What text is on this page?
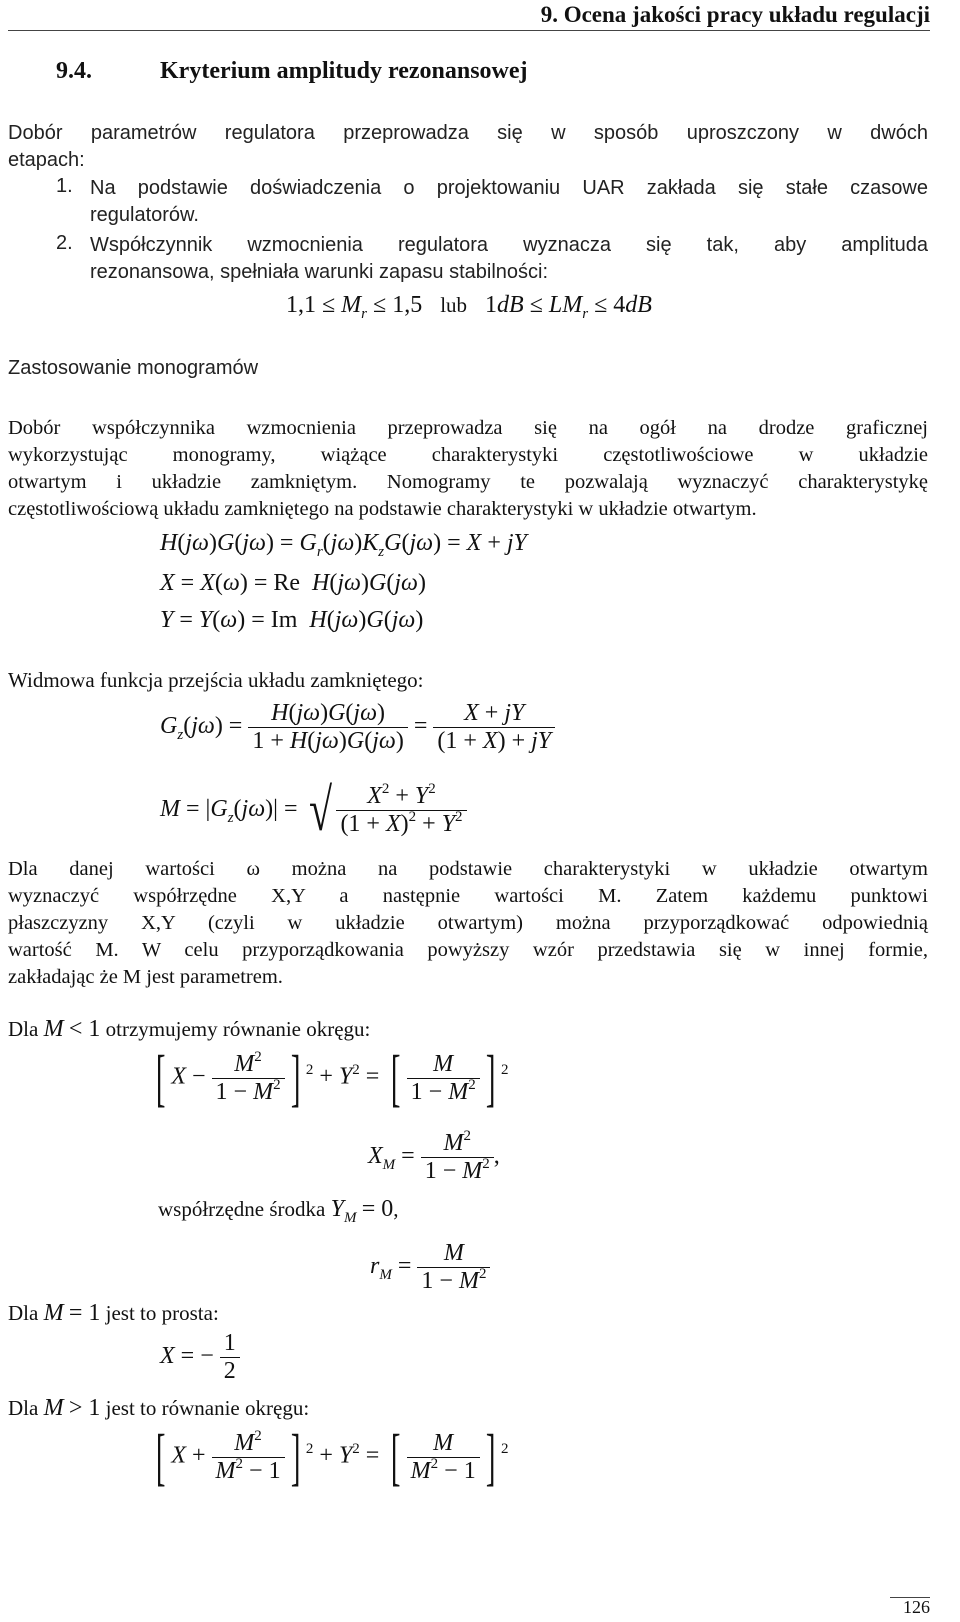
9. Ocena jakości pracy układu regulacji
9.4.	Kryterium amplitudy rezonansowej
Dobór parametrów regulatora przeprowadza się w sposób uproszczony w dwóch
etapach:
1. Na podstawie doświadczenia o projektowaniu UAR zakłada się stałe czasowe
regulatorów.
2. Współczynnik wzmocnienia regulatora wyznacza się tak, aby amplituda
rezonansowa, spełniała warunki zapasu stabilności:
$1,1 \le M_r \le 1,5$ lub $1dB \le LM_r \le 4dB$
Zastosowanie monogramów
Dobór współczynnika wzmocnienia przeprowadza się na ogół na drodze graficznej
wykorzystując monogramy, wiążące charakterystyki częstotliwościowe w układzie
otwartym i układzie zamkniętym. Nomogramy te pozwalają wyznaczyć charakterystykę
częstotliwościową układu zamkniętego na podstawie charakterystyki w układzie otwartym.
$H(j\omega)G(j\omega) = G_r(j\omega)K_zG(j\omega) = X$ + jY
X = X(ω) = Re H(jω)G(jω)
Y = Y(ω) = Im H(jω)G(jω)
Widmowa funkcja przejścia układu zamkniętego:
$G_z(j\omega) = \frac{H(j\omega)G(j\omega)}{1 + H(j\omega)G(j\omega)} = \frac{X + jY}{(1 + X) + jY}$
$M = |G_z(j\omega)|$ = √ $\frac{X^2 + Y^2}{(1 + X)^2 + Y^2}$
Dla danej wartości ω można na podstawie charakterystyki w układzie otwartym
wyznaczyć współrzędne X,Y a następnie wartości M. Zatem każdemu punktowi
płaszczyzny X,Y (czyli w układzie otwartym) można przyporządkować odpowiednią
wartość M. W celu przyporządkowania powyższy wzór przedstawia się w innej formie,
zakładając że M jest parametrem.
Dla M < 1 otrzymujemy równanie okręgu:
[ $X - \frac{M^2}{1 - M^2}$ ] $^2 + Y^2$ = [ $\frac{M}{1 - M^2}$ ] $^2$
$X_M = \frac{M^2}{1 - M^2}$ ,
współrzędne środka $Y_M = 0$,
$r_M = \frac{M}{1 - M^2}$
Dla M = 1 jest to prosta:
X = − $\frac{1}{2}$
Dla M > 1 jest to równanie okręgu:
[ $X + \frac{M^2}{M^2 - 1}$ ] $^2 + Y^2$ = [ $\frac{M}{M^2 - 1}$ ] $^2$
126
